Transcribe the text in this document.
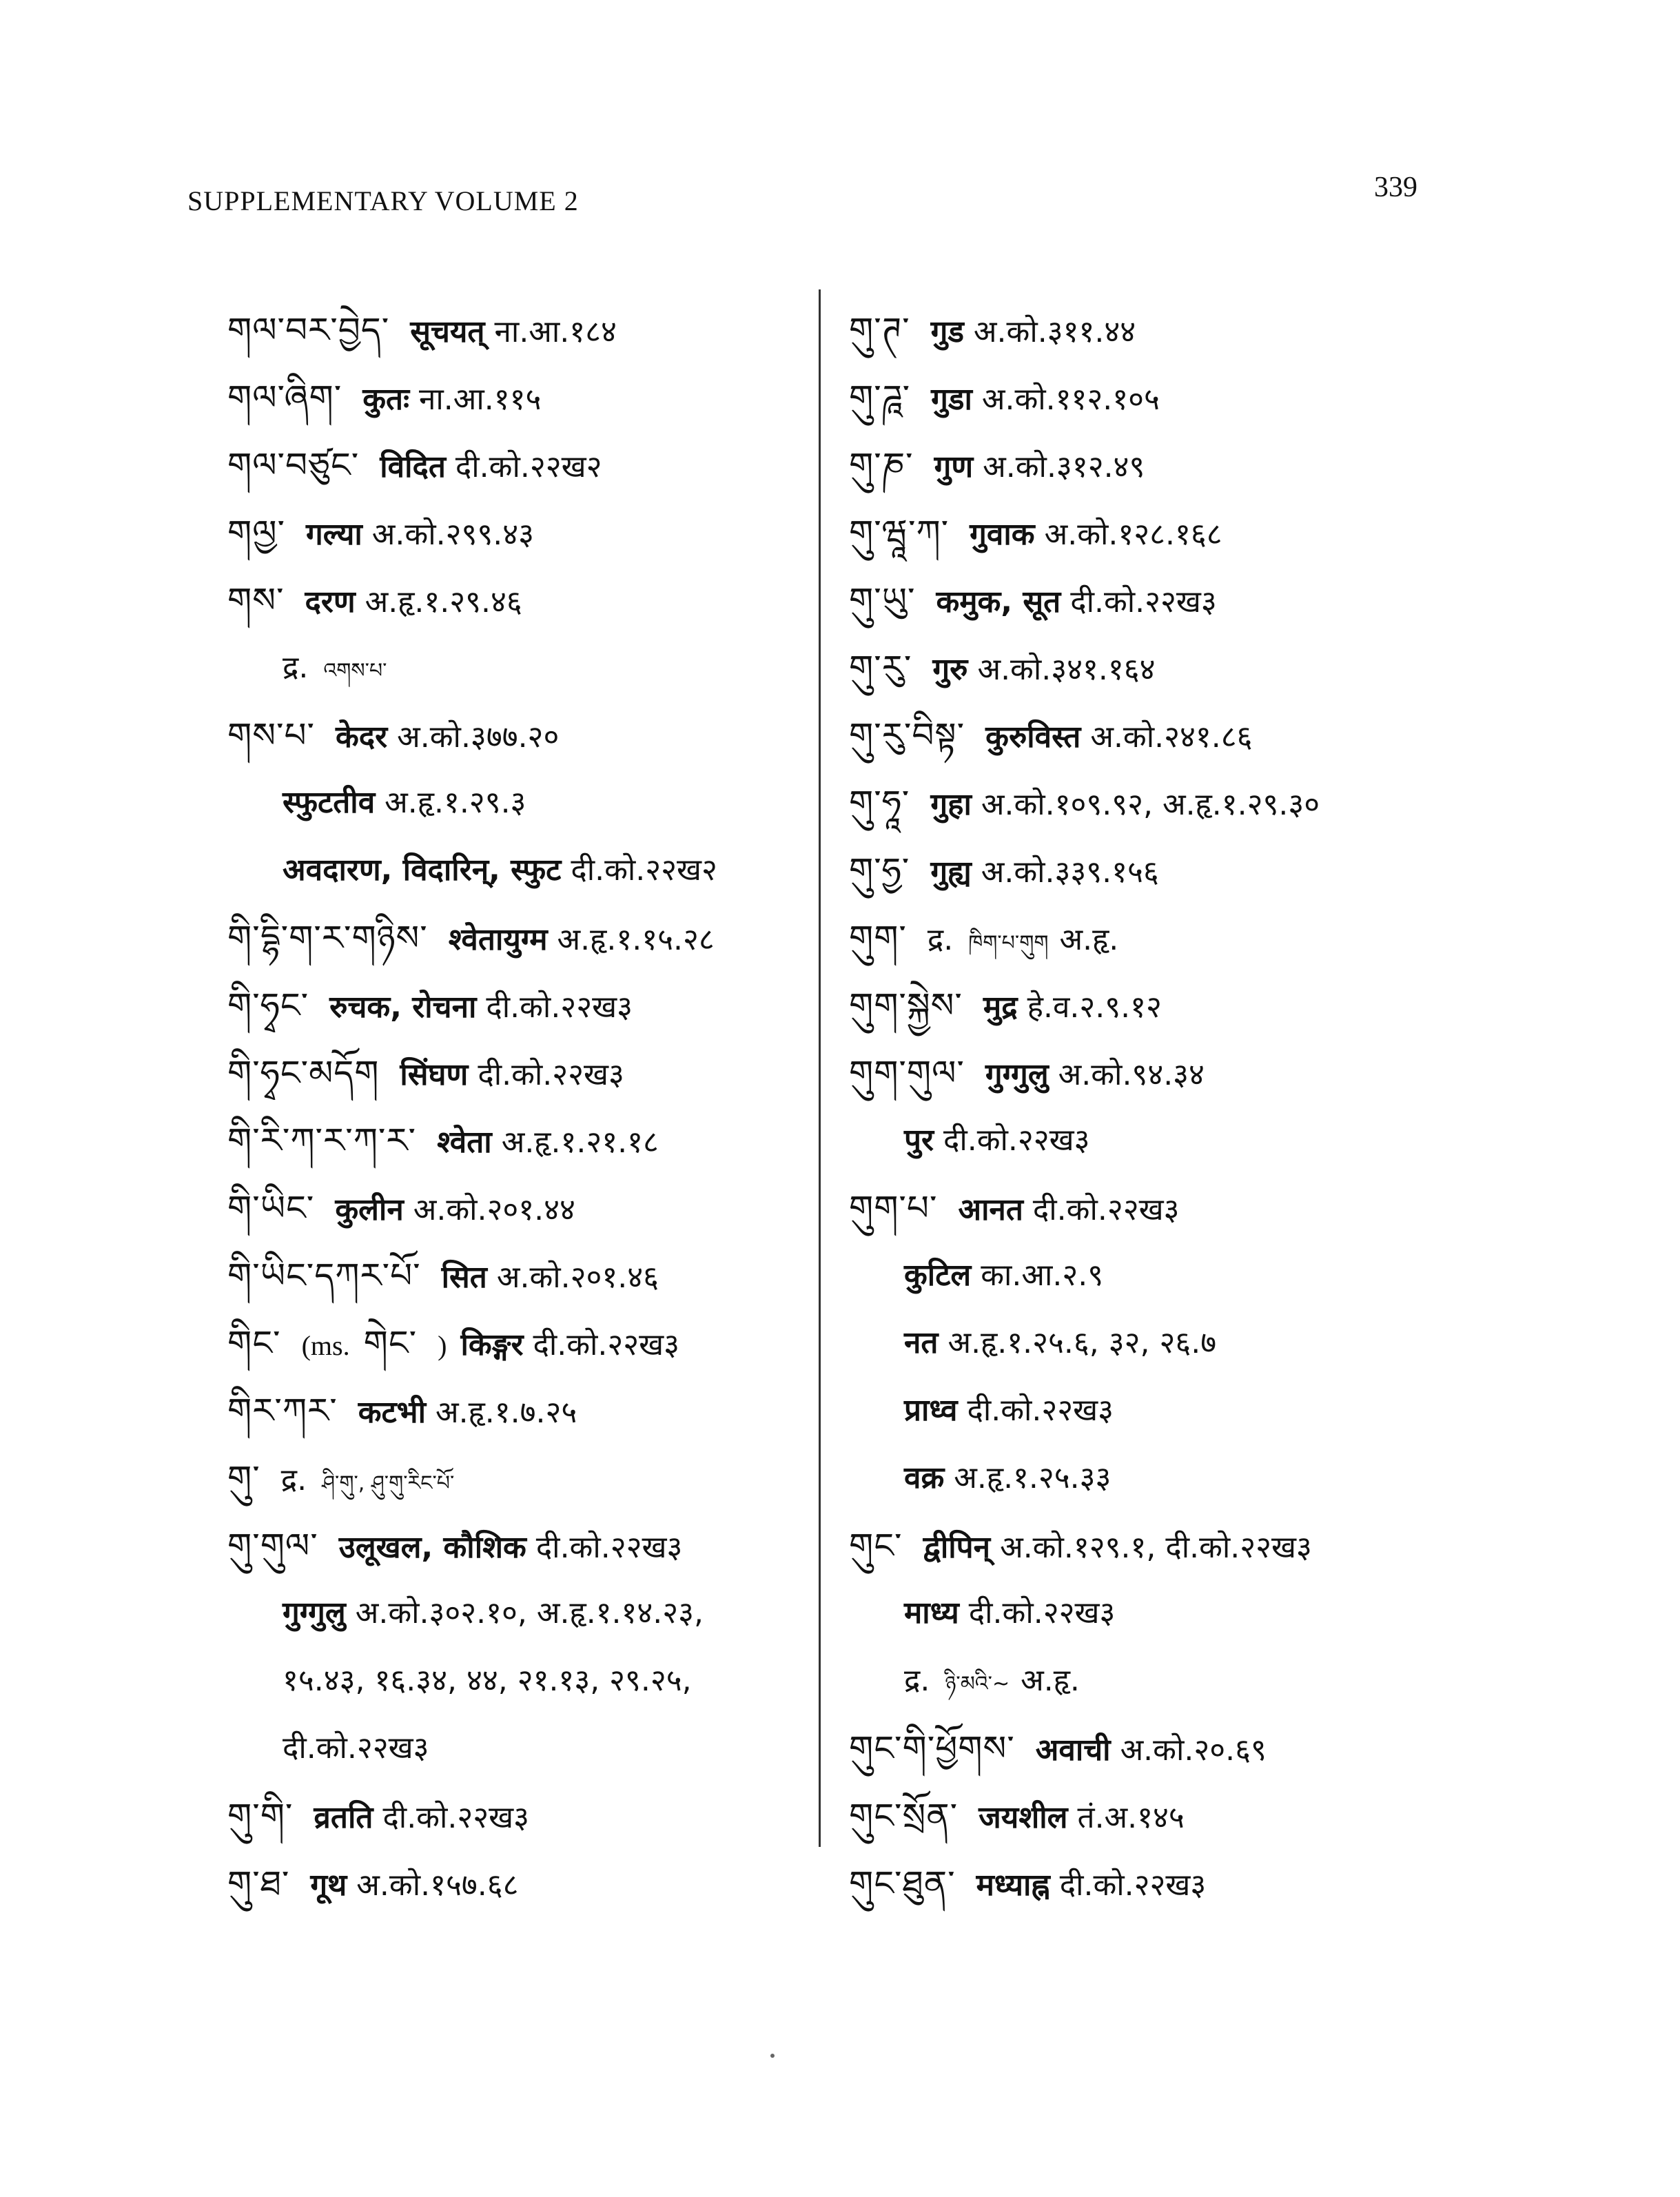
SUPPLEMENTARY VOLUME 2	339
གལ་བར་བྱེད་ सूचयत् ना.आ.१८४
གལ་ཞིག་ कुतः ना.आ.११५
གལ་བཙུང་ विदित दी.को.२२ख२
གལྱ་ गल्या अ.को.२९९.४३
གས་ दरण अ.हृ.१.२९.४६
द्र. འགས་པ་
གས་པ་ केदर अ.को.३७७.२०
स्फुटतीव अ.हृ.१.२९.३
अवदारण, विदारिन्, स्फुट दी.को.२२ख२
གི་དྷི་ག་ར་གཉིས་ श्वेतायुग्म अ.हृ.१.१५.२८
གི་ཧྭང་ रुचक, रोचना दी.को.२२ख३
གི་ཧྭང་མདོག सिंघण दी.को.२२ख३
གི་རི་ཀ་ར་ཀ་ར་ श्वेता अ.हृ.१.२१.१८
གི་ཡིང་ कुलीन अ.को.२०१.४४
གི་ཡིང་དཀར་པོ་ सित अ.को.२०१.४६
གིང་ (ms. གེང་ ) किङ्गर दी.को.२२ख३
གིར་ཀར་ कटभी अ.हृ.१.७.२५
གུ་ द्र. ཤི་གུ་, ཤུ་གུ་རིང་པོ་
གུ་གུལ་ उलूखल, कौशिक दी.को.२२ख३
गुग्गुलु अ.को.३०२.१०, अ.हृ.१.१४.२३,
१५.४३, १६.३४, ४४, २१.१३, २९.२५,
दी.को.२२ख३
གུ་གི་ व्रतति दी.को.२२ख३
གུ་ཐ་ गूथ अ.को.१५७.६८
གུ་ཊ་ गुड अ.को.३११.४४
གུ་ཌཱ་ गुडा अ.को.११२.१०५
གུ་ཎ་ गुण अ.को.३१२.४९
གུ་ཝཱ་ཀ་ गुवाक अ.को.१२८.१६८
གུ་ཡུ་ कमुक, सूत दी.को.२२ख३
གུ་རུ་ गुरु अ.को.३४१.१६४
གུ་རུ་བིསྟ་ कुरुविस्त अ.को.२४१.८६
གུ་ཧཱ་ गुहा अ.को.१०९.९२, अ.हृ.१.२९.३०
གུ་ཧྱ་ गुह्य अ.को.३३९.१५६
གུག་ द्र. ཁིག་པ་གུག अ.हृ.
གུག་སྐྱེས་ मुद्र हे.व.२.९.१२
གུག་གུལ་ गुग्गुलु अ.को.९४.३४
पुर दी.को.२२ख३
གུག་པ་ आनत दी.को.२२ख३
कुटिल का.आ.२.९
नत अ.हृ.१.२५.६, ३२, २६.७
प्राध्व दी.को.२२ख३
वक्र अ.हृ.१.२५.३३
གུང་ द्वीपिन् अ.को.१२९.१, दी.को.२२ख३
माध्य दी.को.२२ख३
द्र. ཉི་མའི་~ अ.हृ.
གུང་གི་ཕྱོགས་ अवाची अ.को.२०.६९
གུང་སྲོན་ जयशील तं.अ.१४५
གུང་ཐུན་ मध्याह्न दी.को.२२ख३
